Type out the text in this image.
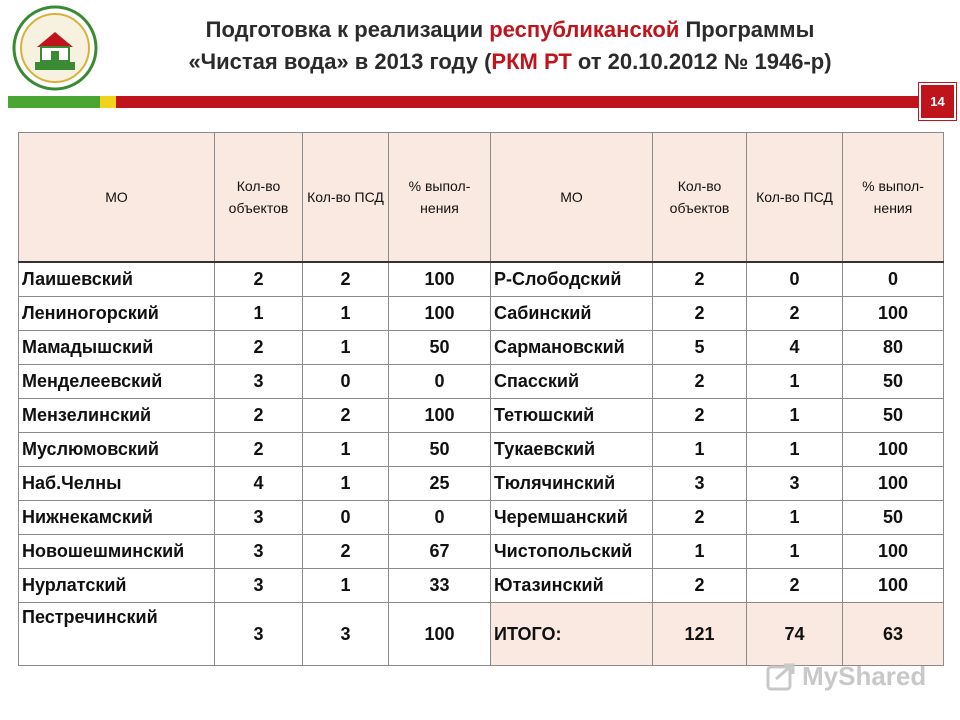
Подготовка к реализации республиканской Программы
«Чистая вода» в 2013 году (РКМ РТ от 20.10.2012 № 1946-р)
14
МО	Кол-во объектов	Кол-во ПСД	% выпол-нения	МО	Кол-во объектов	Кол-во ПСД	% выпол-нения
Лаишевский	2	2	100	Р-Слободский	2	0	0
Лениногорский	1	1	100	Сабинский	2	2	100
Мамадышский	2	1	50	Сармановский	5	4	80
Менделеевский	3	0	0	Спасский	2	1	50
Мензелинский	2	2	100	Тетюшский	2	1	50
Муслюмовский	2	1	50	Тукаевский	1	1	100
Наб.Челны	4	1	25	Тюлячинский	3	3	100
Нижнекамский	3	0	0	Черемшанский	2	1	50
Новошешминский	3	2	67	Чистопольский	1	1	100
Нурлатский	3	1	33	Ютазинский	2	2	100
Пестречинский	3	3	100	ИТОГО:	121	74	63
MyShared
